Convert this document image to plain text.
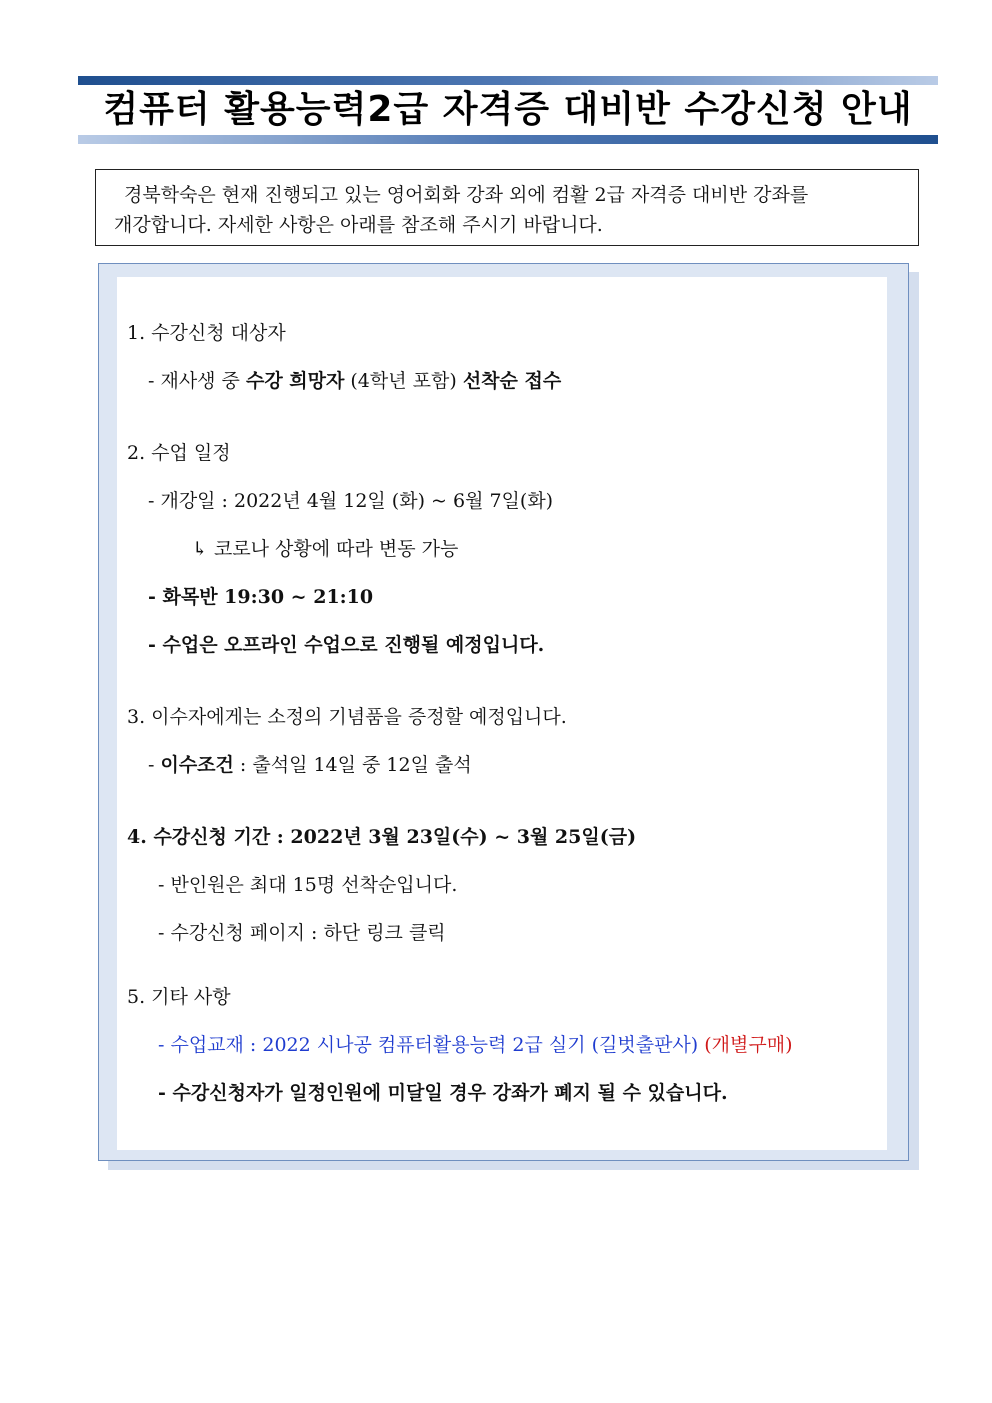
컴퓨터 활용능력2급 자격증 대비반 수강신청 안내
경북학숙은 현재 진행되고 있는 영어회화 강좌 외에 컴활 2급 자격증 대비반 강좌를
개강합니다. 자세한 사항은 아래를 참조해 주시기 바랍니다.
1. 수강신청 대상자
- 재사생 중 수강 희망자 (4학년 포함) 선착순 접수
2. 수업 일정
- 개강일 : 2022년 4월 12일 (화) ~ 6월 7일(화)
↳ 코로나 상황에 따라 변동 가능
- 화목반 19:30 ~ 21:10
- 수업은 오프라인 수업으로 진행될 예정입니다.
3. 이수자에게는 소정의 기념품을 증정할 예정입니다.
- 이수조건 : 출석일 14일 중 12일 출석
4. 수강신청 기간 : 2022년 3월 23일(수) ~ 3월 25일(금)
- 반인원은 최대 15명 선착순입니다.
- 수강신청 페이지 : 하단 링크 클릭
5. 기타 사항
- 수업교재 : 2022 시나공 컴퓨터활용능력 2급 실기 (길벗출판사) (개별구매)
- 수강신청자가 일정인원에 미달일 경우 강좌가 폐지 될 수 있습니다.
